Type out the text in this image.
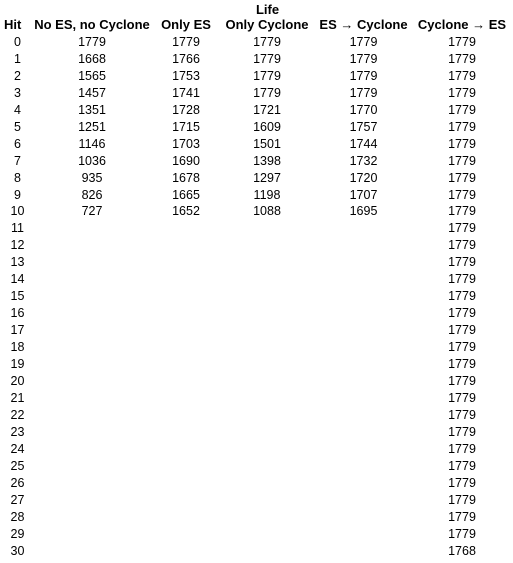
Life
Hit	No ES, no Cyclone	Only ES	Only Cyclone	ES → Cyclone	Cyclone → ES
0	1779	1779	1779	1779	1779
1	1668	1766	1779	1779	1779
2	1565	1753	1779	1779	1779
3	1457	1741	1779	1779	1779
4	1351	1728	1721	1770	1779
5	1251	1715	1609	1757	1779
6	1146	1703	1501	1744	1779
7	1036	1690	1398	1732	1779
8	935	1678	1297	1720	1779
9	826	1665	1198	1707	1779
10	727	1652	1088	1695	1779
11					1779
12					1779
13					1779
14					1779
15					1779
16					1779
17					1779
18					1779
19					1779
20					1779
21					1779
22					1779
23					1779
24					1779
25					1779
26					1779
27					1779
28					1779
29					1779
30					1768
